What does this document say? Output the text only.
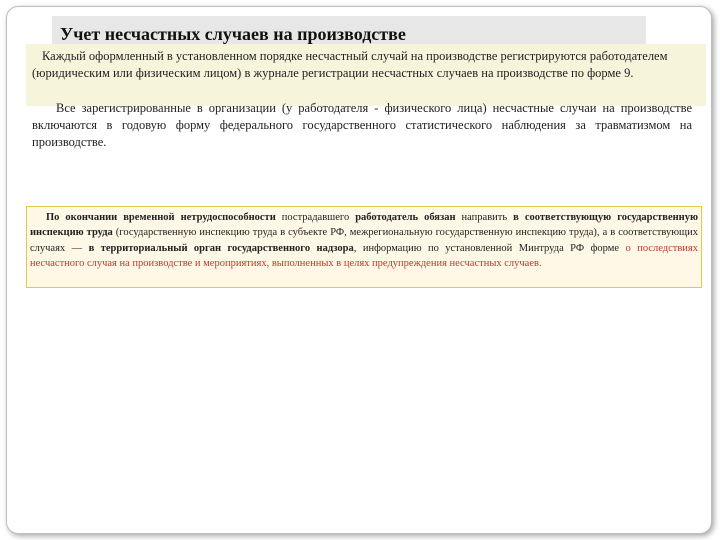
Учет несчастных случаев на производстве

Каждый оформленный в установленном порядке несчастный случай на производстве регистрируются работодателем (юридическим или физическим лицом) в журнале регистрации несчастных случаев на производстве по форме 9.

Все зарегистрированные в организации (у работодателя - физического лица) несчастные случаи на производстве включаются в годовую форму федерального государственного статистического наблюдения за травматизмом на производстве.

По окончании временной нетрудоспособности пострадавшего работодатель обязан направить в соответствующую государственную инспекцию труда (государственную инспекцию труда в субъекте РФ, межрегиональную государственную инспекцию труда), а в соответствующих случаях — в территориальный орган государственного надзора, информацию по установленной Минтруда РФ форме о последствиях несчастного случая на производстве и мероприятиях, выполненных в целях предупреждения несчастных случаев.
